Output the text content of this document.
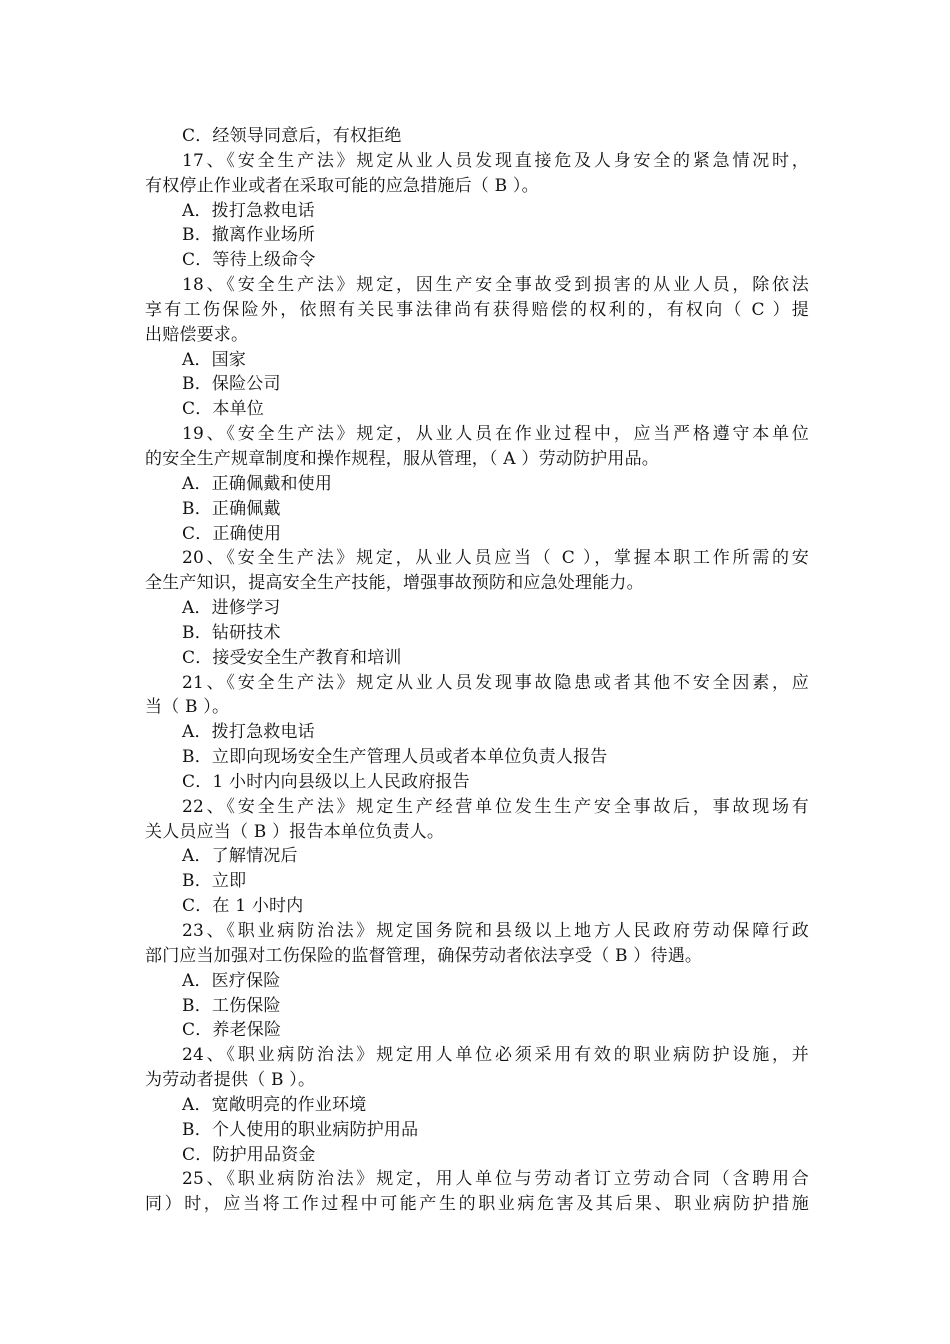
C．经领导同意后，有权拒绝
17、《安全生产法》规定从业人员发现直接危及人身安全的紧急情况时，
有权停止作业或者在采取可能的应急措施后（ B ）。
A．拨打急救电话
B．撤离作业场所
C．等待上级命令
18、《安全生产法》规定，因生产安全事故受到损害的从业人员，除依法
享有工伤保险外，依照有关民事法律尚有获得赔偿的权利的，有权向（ C ）提
出赔偿要求。
A．国家
B．保险公司
C．本单位
19、《安全生产法》规定，从业人员在作业过程中，应当严格遵守本单位
的安全生产规章制度和操作规程，服从管理，（ A ）劳动防护用品。
A．正确佩戴和使用
B．正确佩戴
C．正确使用
20、《安全生产法》规定，从业人员应当（ C ），掌握本职工作所需的安
全生产知识，提高安全生产技能，增强事故预防和应急处理能力。
A．进修学习
B．钻研技术
C．接受安全生产教育和培训
21、《安全生产法》规定从业人员发现事故隐患或者其他不安全因素，应
当（ B ）。
A．拨打急救电话
B．立即向现场安全生产管理人员或者本单位负责人报告
C．1 小时内向县级以上人民政府报告
22、《安全生产法》规定生产经营单位发生生产安全事故后，事故现场有
关人员应当（ B ）报告本单位负责人。
A．了解情况后
B．立即
C．在 1 小时内
23、《职业病防治法》规定国务院和县级以上地方人民政府劳动保障行政
部门应当加强对工伤保险的监督管理，确保劳动者依法享受（ B ）待遇。
A．医疗保险
B．工伤保险
C．养老保险
24、《职业病防治法》规定用人单位必须采用有效的职业病防护设施，并
为劳动者提供（ B ）。
A．宽敞明亮的作业环境
B．个人使用的职业病防护用品
C．防护用品资金
25、《职业病防治法》规定，用人单位与劳动者订立劳动合同（含聘用合
同）时，应当将工作过程中可能产生的职业病危害及其后果、职业病防护措施
